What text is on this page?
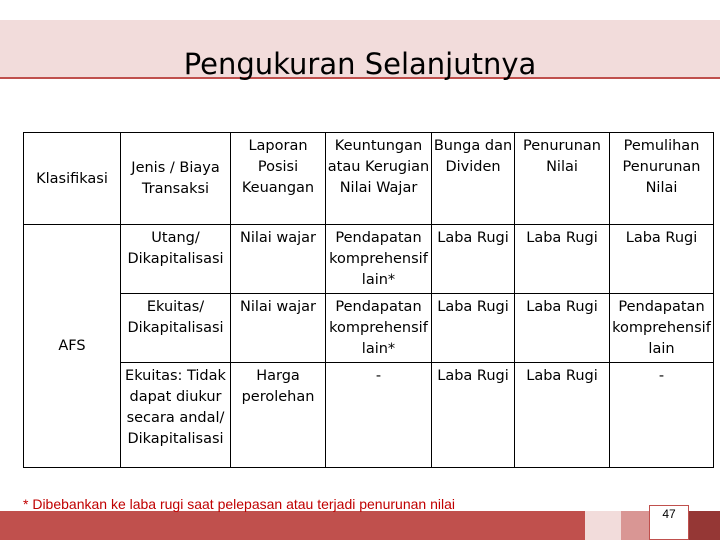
Pengukuran Selanjutnya
Klasifikasi	Jenis / Biaya Transaksi	Laporan Posisi Keuangan	Keuntungan atau Kerugian Nilai Wajar	Bunga dan Dividen	Penurunan Nilai	Pemulihan Penurunan Nilai
AFS	Utang/ Dikapitalisasi	Nilai wajar	Pendapatan komprehensif lain*	Laba Rugi	Laba Rugi	Laba Rugi
	Ekuitas/ Dikapitalisasi	Nilai wajar	Pendapatan komprehensif lain*	Laba Rugi	Laba Rugi	Pendapatan komprehensif lain
	Ekuitas: Tidak dapat diukur secara andal/ Dikapitalisasi	Harga perolehan	-	Laba Rugi	Laba Rugi	-
47
* Dibebankan ke laba rugi saat pelepasan atau terjadi penurunan nilai
